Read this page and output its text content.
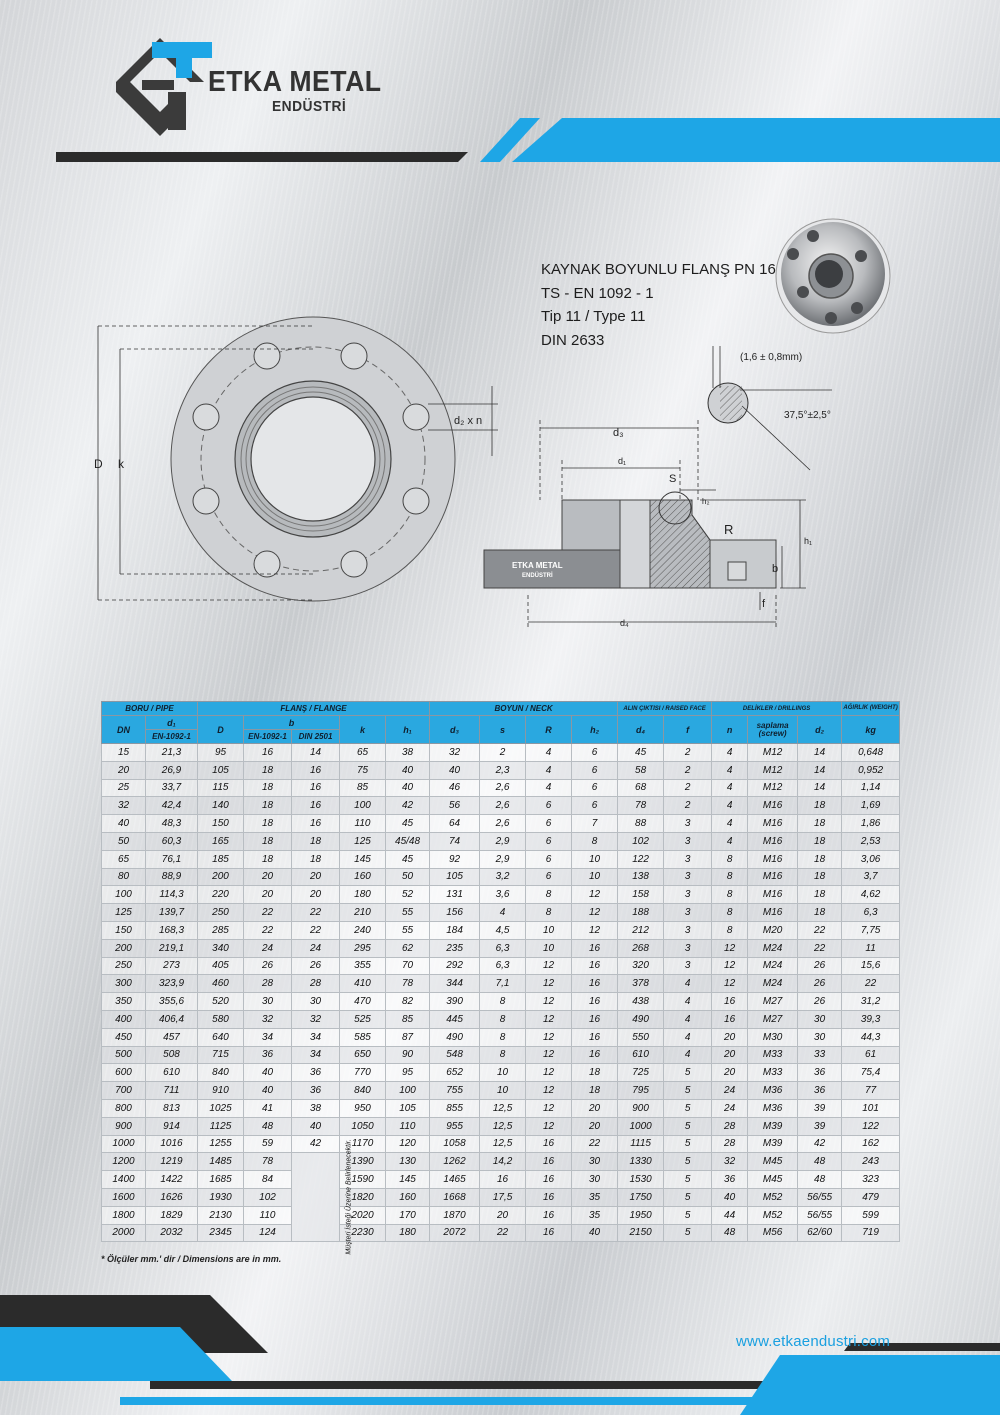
ETKA METAL
ENDÜSTRİ
KAYNAK BOYUNLU FLANŞ PN 16
TS - EN 1092 - 1
Tip 11 / Type 11
DIN 2633
D k
d₂ x n
(1,6 ± 0,8mm)
37,5°±2,5°
ETKA METAL
ENDÜSTRİ
d₃
d₁
S
h₂
R
h₁
b
f
d₄
BORU / PIPE		FLANŞ / FLANGE					BOYUN / NECK				ALIN ÇIKTISI / RAISED FACE		DELİKLER / DRILLINGS			AĞIRLIK (WEIGHT)
DN	d₁	D	b		k	h₁	d₃	s	R	h₂	d₄	f	n	saplama (screw)	d₂	kg
	EN-1092-1		EN-1092-1	DIN 2501												
15	21,3	95	16	14	65	38	32	2	4	6	45	2	4	M12	14	0,648
20	26,9	105	18	16	75	40	40	2,3	4	6	58	2	4	M12	14	0,952
25	33,7	115	18	16	85	40	46	2,6	4	6	68	2	4	M12	14	1,14
32	42,4	140	18	16	100	42	56	2,6	6	6	78	2	4	M16	18	1,69
40	48,3	150	18	16	110	45	64	2,6	6	7	88	3	4	M16	18	1,86
50	60,3	165	18	18	125	45/48	74	2,9	6	8	102	3	4	M16	18	2,53
65	76,1	185	18	18	145	45	92	2,9	6	10	122	3	8	M16	18	3,06
80	88,9	200	20	20	160	50	105	3,2	6	10	138	3	8	M16	18	3,7
100	114,3	220	20	20	180	52	131	3,6	8	12	158	3	8	M16	18	4,62
125	139,7	250	22	22	210	55	156	4	8	12	188	3	8	M16	18	6,3
150	168,3	285	22	22	240	55	184	4,5	10	12	212	3	8	M20	22	7,75
200	219,1	340	24	24	295	62	235	6,3	10	16	268	3	12	M24	22	11
250	273	405	26	26	355	70	292	6,3	12	16	320	3	12	M24	26	15,6
300	323,9	460	28	28	410	78	344	7,1	12	16	378	4	12	M24	26	22
350	355,6	520	30	30	470	82	390	8	12	16	438	4	16	M27	26	31,2
400	406,4	580	32	32	525	85	445	8	12	16	490	4	16	M27	30	39,3
450	457	640	34	34	585	87	490	8	12	16	550	4	20	M30	30	44,3
500	508	715	36	34	650	90	548	8	12	16	610	4	20	M33	33	61
600	610	840	40	36	770	95	652	10	12	18	725	5	20	M33	36	75,4
700	711	910	40	36	840	100	755	10	12	18	795	5	24	M36	36	77
800	813	1025	41	38	950	105	855	12,5	12	20	900	5	24	M36	39	101
900	914	1125	48	40	1050	110	955	12,5	12	20	1000	5	28	M39	39	122
1000	1016	1255	59	42	1170	120	1058	12,5	16	22	1115	5	28	M39	42	162
1200	1219	1485	78	Müşteri İsteği Üzerine Belirlenecektir.	1390	130	1262	14,2	16	30	1330	5	32	M45	48	243
1400	1422	1685	84		1590	145	1465	16	16	30	1530	5	36	M45	48	323
1600	1626	1930	102		1820	160	1668	17,5	16	35	1750	5	40	M52	56/55	479
1800	1829	2130	110		2020	170	1870	20	16	35	1950	5	44	M52	56/55	599
2000	2032	2345	124		2230	180	2072	22	16	40	2150	5	48	M56	62/60	719
* Ölçüler mm.' dir / Dimensions are in mm.
www.etkaendustri.com
